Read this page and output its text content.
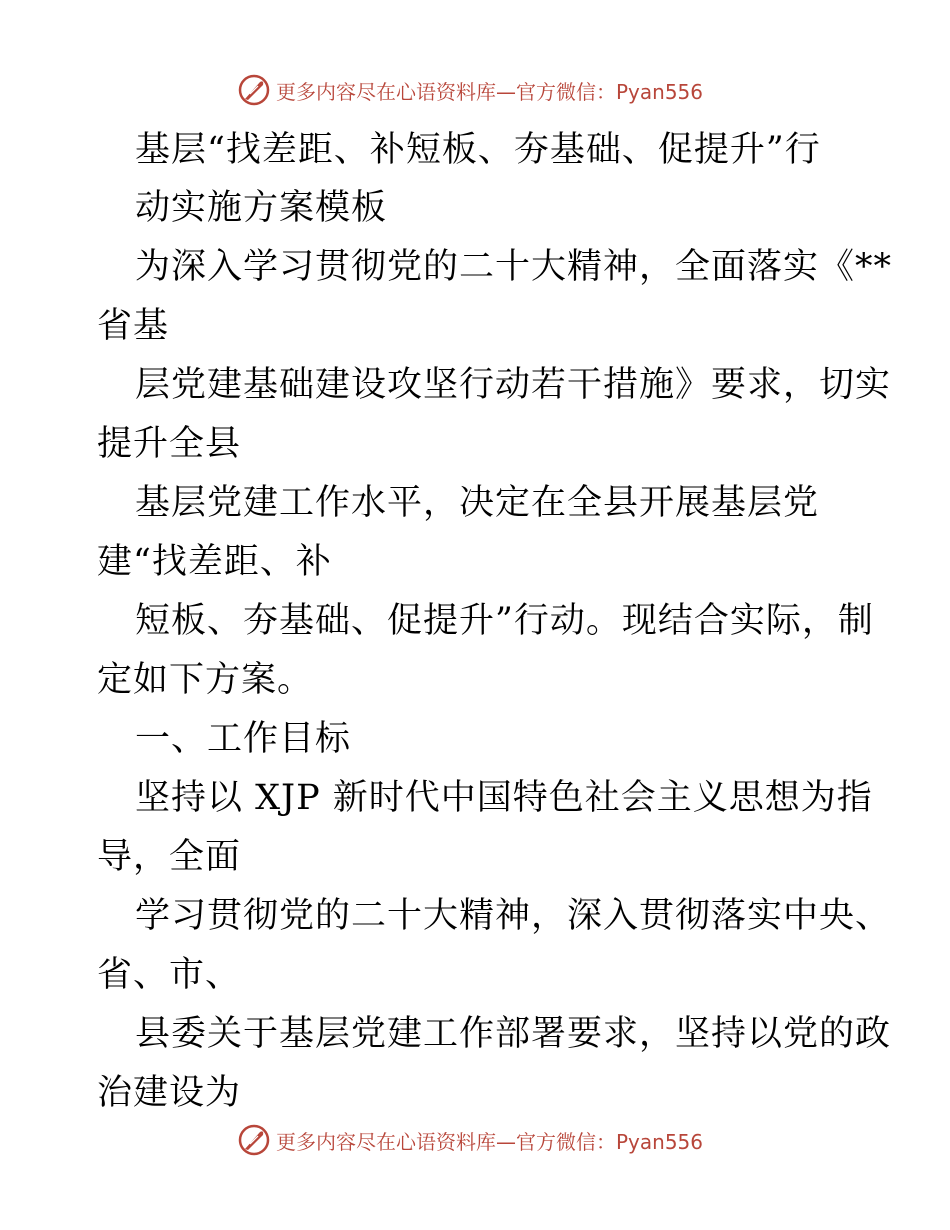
更多内容尽在心语资料库—官方微信：Pyan556
基层“找差距、补短板、夯基础、促提升”行
动实施方案模板
为深入学习贯彻党的二十大精神，全面落实《**
省基
层党建基础建设攻坚行动若干措施》要求，切实
提升全县
基层党建工作水平，决定在全县开展基层党
建“找差距、补
短板、夯基础、促提升”行动。现结合实际，制
定如下方案。
一、工作目标
坚持以 XJP 新时代中国特色社会主义思想为指
导，全面
学习贯彻党的二十大精神，深入贯彻落实中央、
省、市、
县委关于基层党建工作部署要求，坚持以党的政
治建设为
更多内容尽在心语资料库—官方微信：Pyan556
